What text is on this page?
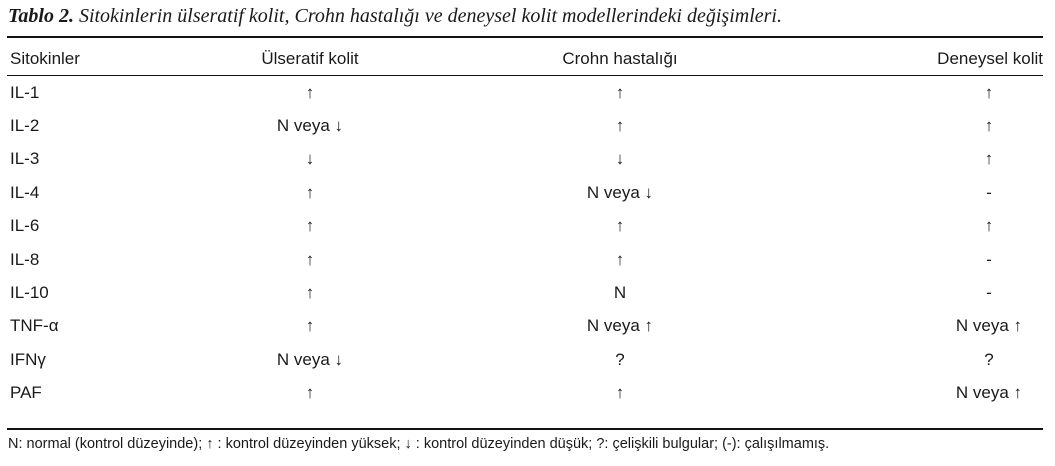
Tablo 2. Sitokinlerin ülseratif kolit, Crohn hastalığı ve deneysel kolit modellerindeki değişimleri.
Sitokinler	Ülseratif kolit	Crohn hastalığı	Deneysel kolit
IL-1	↑	↑	↑
IL-2	N veya ↓	↑	↑
IL-3	↓	↓	↑
IL-4	↑	N veya ↓	-
IL-6	↑	↑	↑
IL-8	↑	↑	-
IL-10	↑	N	-
TNF-α	↑	N veya ↑	N veya ↑
IFNγ	N veya ↓	?	?
PAF	↑	↑	N veya ↑
N: normal (kontrol düzeyinde); ↑ : kontrol düzeyinden yüksek; ↓ : kontrol düzeyinden düşük; ?: çelişkili bulgular; (-): çalışılmamış.
